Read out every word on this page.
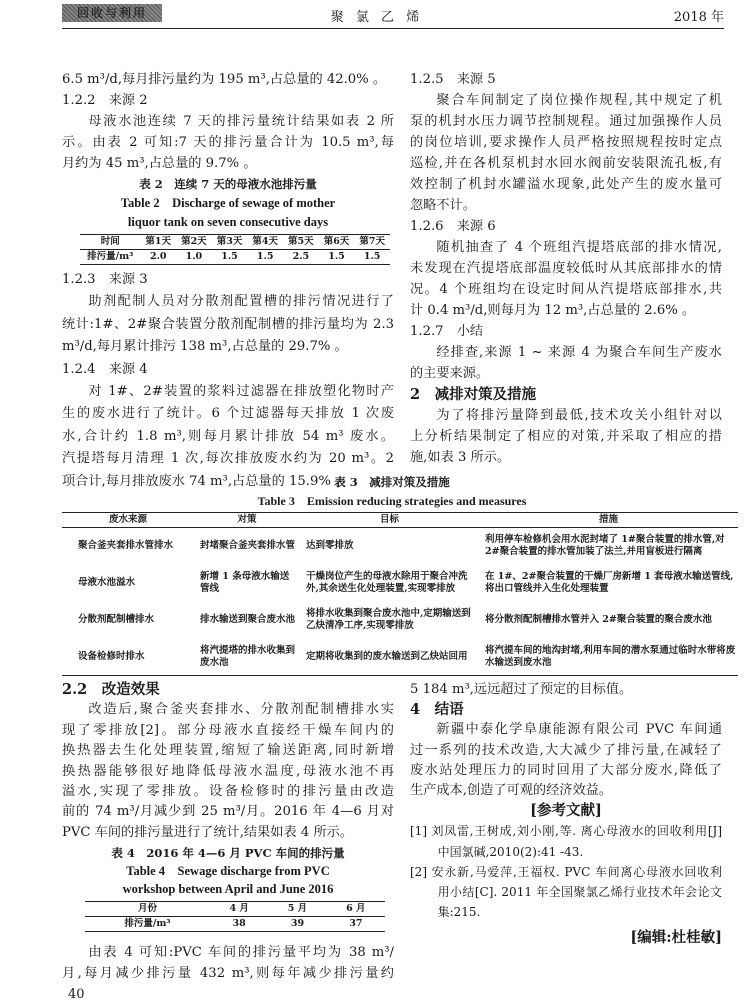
回收与利用	聚 氯 乙 烯	2018 年
6.5 m³/d,每月排污量约为 195 m³,占总量的 42.0% 。
1.2.2　来源 2
母液水池连续 7 天的排污量统计结果如表 2 所
示。由表 2 可知:7 天的排污量合计为 10.5 m³,每
月约为 45 m³,占总量的 9.7% 。
表 2　连续 7 天的母液水池排污量
Table 2　Discharge of sewage of mother
liquor tank on seven consecutive days
时间	第1天	第2天	第3天	第4天	第5天	第6天	第7天
排污量/m³	2.0	1.0	1.5	1.5	2.5	1.5	1.5
1.2.3　来源 3
助剂配制人员对分散剂配置槽的排污情况进行了
统计:1#、2#聚合装置分散剂配制槽的排污量均为 2.3
m³/d,每月累计排污 138 m³,占总量的 29.7% 。
1.2.4　来源 4
对 1#、2#装置的浆料过滤器在排放塑化物时产
生的废水进行了统计。6 个过滤器每天排放 1 次废
水,合计约 1.8 m³,则每月累计排放 54 m³ 废水。
汽提塔每月清理 1 次,每次排放废水约为 20 m³。2
项合计,每月排放废水 74 m³,占总量的 15.9% 。
1.2.5　来源 5
聚合车间制定了岗位操作规程,其中规定了机
泵的机封水压力调节控制规程。通过加强操作人员
的岗位培训,要求操作人员严格按照规程按时定点
巡检,并在各机泵机封水回水阀前安装限流孔板,有
效控制了机封水罐溢水现象,此处产生的废水量可
忽略不计。
1.2.6　来源 6
随机抽查了 4 个班组汽提塔底部的排水情况,
未发现在汽提塔底部温度较低时从其底部排水的情
况。4 个班组均在设定时间从汽提塔底部排水,共
计 0.4 m³/d,则每月为 12 m³,占总量的 2.6% 。
1.2.7　小结
经排查,来源 1 ~ 来源 4 为聚合车间生产废水
的主要来源。
2　减排对策及措施
为了将排污量降到最低,技术攻关小组针对以
上分析结果制定了相应的对策,并采取了相应的措
施,如表 3 所示。
表 3　减排对策及措施
Table 3　Emission reducing strategies and measures
废水来源	对策	目标	措施
聚合釜夹套排水管排水	封堵聚合釜夹套排水管	达到零排放	利用停车检修机会用水泥封堵了 1#聚合装置的排水管,对 2#聚合装置的排水管加装了法兰,并用盲板进行隔离
母液水池溢水	新增 1 条母液水输送管线	干燥岗位产生的母液水除用于聚合冲洗外,其余送生化处理装置,实现零排放	在 1#、2#聚合装置的干燥厂房新增 1 套母液水输送管线,将出口管线并入生化处理装置
分散剂配制槽排水	排水输送到聚合废水池	将排水收集到聚合废水池中,定期输送到乙炔清净工序,实现零排放	将分散剂配制槽排水管并入 2#聚合装置的聚合废水池
设备检修时排水	将汽提塔的排水收集到废水池	定期将收集到的废水输送到乙炔站回用	将汽提车间的地沟封堵,利用车间的潜水泵通过临时水带将废水输送到废水池
2.2　改造效果
改造后,聚合釜夹套排水、分散剂配制槽排水实
现了零排放[2]。部分母液水直接经干燥车间内的
换热器去生化处理装置,缩短了输送距离,同时新增
换热器能够很好地降低母液水温度,母液水池不再
溢水,实现了零排放。设备检修时的排污量由改造
前的 74 m³/月减少到 25 m³/月。2016 年 4—6 月对
PVC 车间的排污量进行了统计,结果如表 4 所示。
表 4　2016 年 4—6 月 PVC 车间的排污量
Table 4　Sewage discharge from PVC
workshop between April and June 2016
月份	4 月	5 月	6 月
排污量/m³	38	39	37
由表 4 可知:PVC 车间的排污量平均为 38 m³/
月,每月减少排污量 432 m³,则每年减少排污量约
5 184 m³,远远超过了预定的目标值。
4　结语
新疆中泰化学阜康能源有限公司 PVC 车间通
过一系列的技术改造,大大减少了排污量,在减轻了
废水站处理压力的同时回用了大部分废水,降低了
生产成本,创造了可观的经济效益。
[参考文献]
[1] 刘凤雷,王树成,刘小刚,等. 离心母液水的回收利用[J]
中国氯碱,2010(2):41 -43.
[2] 安永新,马爱萍,王福权. PVC 车间离心母液水回收利
用小结[C]. 2011 年全国聚氯乙烯行业技术年会论文
集:215.
[编辑:杜桂敏]
40
